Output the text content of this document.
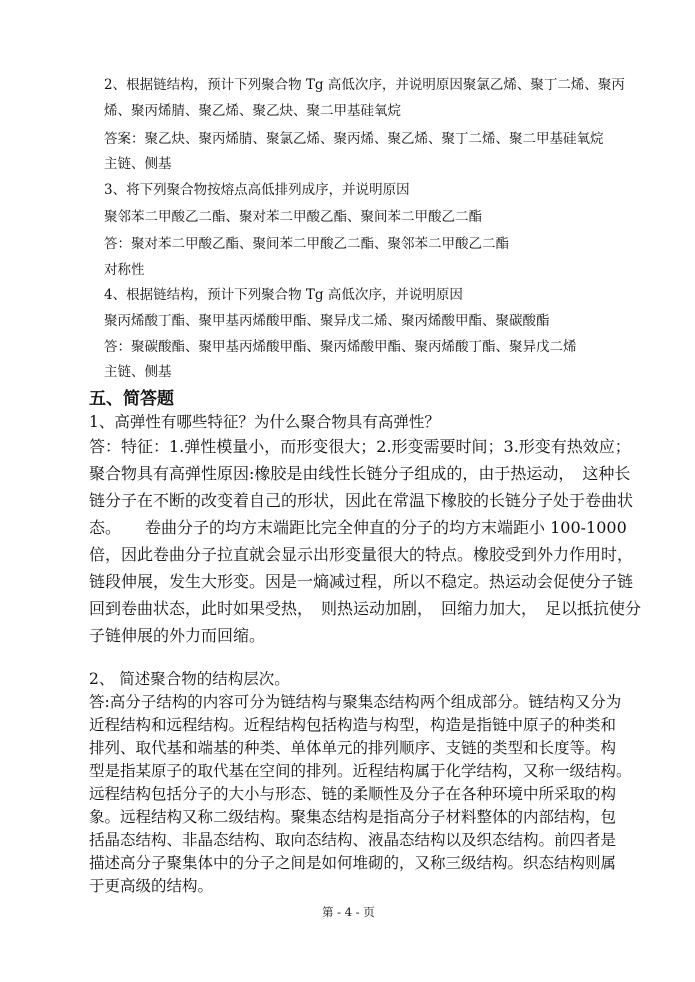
2、根据链结构，预计下列聚合物 Tg 高低次序，并说明原因聚氯乙烯、聚丁二烯、聚丙

烯、聚丙烯腈、聚乙烯、聚乙炔、聚二甲基硅氧烷

答案：聚乙炔、聚丙烯腈、聚氯乙烯、聚丙烯、聚乙烯、聚丁二烯、聚二甲基硅氧烷

主链、侧基

3、将下列聚合物按熔点高低排列成序，并说明原因

聚邻苯二甲酸乙二酯、聚对苯二甲酸乙酯、聚间苯二甲酸乙二酯

答：聚对苯二甲酸乙酯、聚间苯二甲酸乙二酯、聚邻苯二甲酸乙二酯

对称性

4、根据链结构，预计下列聚合物 Tg 高低次序，并说明原因

聚丙烯酸丁酯、聚甲基丙烯酸甲酯、聚异戊二烯、聚丙烯酸甲酯、聚碳酸酯

答：聚碳酸酯、聚甲基丙烯酸甲酯、聚丙烯酸甲酯、聚丙烯酸丁酯、聚异戊二烯

主链、侧基

五、简答题

1、高弹性有哪些特征？为什么聚合物具有高弹性？

答：特征：1.弹性模量小，而形变很大；2.形变需要时间；3.形变有热效应；

聚合物具有高弹性原因:橡胶是由线性长链分子组成的，由于热运动，　这种长

链分子在不断的改变着自己的形状，因此在常温下橡胶的长链分子处于卷曲状

态。　　卷曲分子的均方末端距比完全伸直的分子的均方末端距小 100-1000

倍，因此卷曲分子拉直就会显示出形变量很大的特点。橡胶受到外力作用时，

链段伸展，发生大形变。因是一熵减过程，所以不稳定。热运动会促使分子链

回到卷曲状态，此时如果受热，　则热运动加剧，　回缩力加大，　足以抵抗使分

子链伸展的外力而回缩。

2、 简述聚合物的结构层次。

答:高分子结构的内容可分为链结构与聚集态结构两个组成部分。链结构又分为

近程结构和远程结构。近程结构包括构造与构型，构造是指链中原子的种类和

排列、取代基和端基的种类、单体单元的排列顺序、支链的类型和长度等。构

型是指某原子的取代基在空间的排列。近程结构属于化学结构，又称一级结构。

远程结构包括分子的大小与形态、链的柔顺性及分子在各种环境中所采取的构

象。远程结构又称二级结构。聚集态结构是指高分子材料整体的内部结构，包

括晶态结构、非晶态结构、取向态结构、液晶态结构以及织态结构。前四者是

描述高分子聚集体中的分子之间是如何堆砌的，又称三级结构。织态结构则属

于更高级的结构。

第 - 4 - 页
